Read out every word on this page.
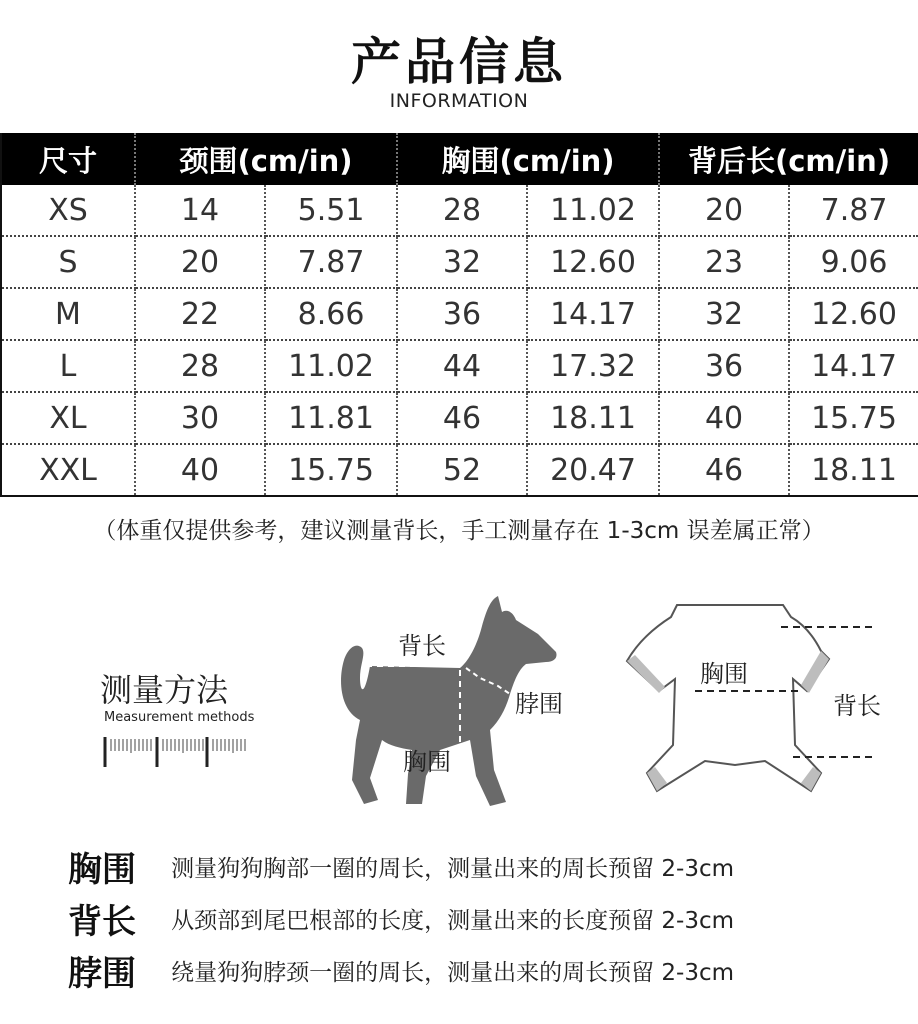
产品信息
INFORMATION
尺寸	颈围(cm/in)		胸围(cm/in)		背后长(cm/in)	
XS	14	5.51	28	11.02	20	7.87
S	20	7.87	32	12.60	23	9.06
M	22	8.66	36	14.17	32	12.60
L	28	11.02	44	17.32	36	14.17
XL	30	11.81	46	18.11	40	15.75
XXL	40	15.75	52	20.47	46	18.11
（体重仅提供参考，建议测量背长，手工测量存在 1-3cm 误差属正常）
测量方法
Measurement methods
背长
脖围
胸围
胸围
背长
胸围 测量狗狗胸部一圈的周长，测量出来的周长预留 2-3cm
背长 从颈部到尾巴根部的长度，测量出来的长度预留 2-3cm
脖围 绕量狗狗脖颈一圈的周长，测量出来的周长预留 2-3cm
